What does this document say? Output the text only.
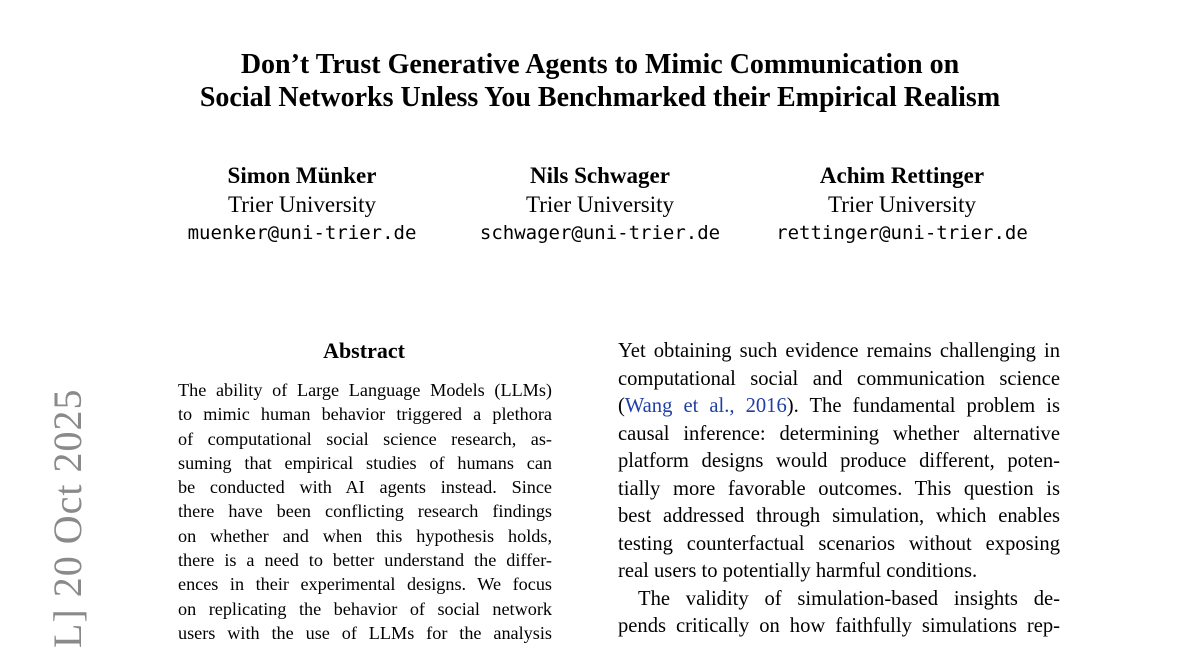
Don’t Trust Generative Agents to Mimic Communication on
Social Networks Unless You Benchmarked their Empirical Realism
Simon Münker
Trier University
muenker@uni-trier.de
Nils Schwager
Trier University
schwager@uni-trier.de
Achim Rettinger
Trier University
rettinger@uni-trier.de
L] 20 Oct 2025
Abstract
The ability of Large Language Models (LLMs)
to mimic human behavior triggered a plethora
of computational social science research, as-
suming that empirical studies of humans can
be conducted with AI agents instead. Since
there have been conflicting research findings
on whether and when this hypothesis holds,
there is a need to better understand the differ-
ences in their experimental designs. We focus
on replicating the behavior of social network
users with the use of LLMs for the analysis
Yet obtaining such evidence remains challenging in
computational social and communication science
(Wang et al., 2016). The fundamental problem is
causal inference: determining whether alternative
platform designs would produce different, poten-
tially more favorable outcomes. This question is
best addressed through simulation, which enables
testing counterfactual scenarios without exposing
real users to potentially harmful conditions.
The validity of simulation-based insights de-
pends critically on how faithfully simulations rep-
